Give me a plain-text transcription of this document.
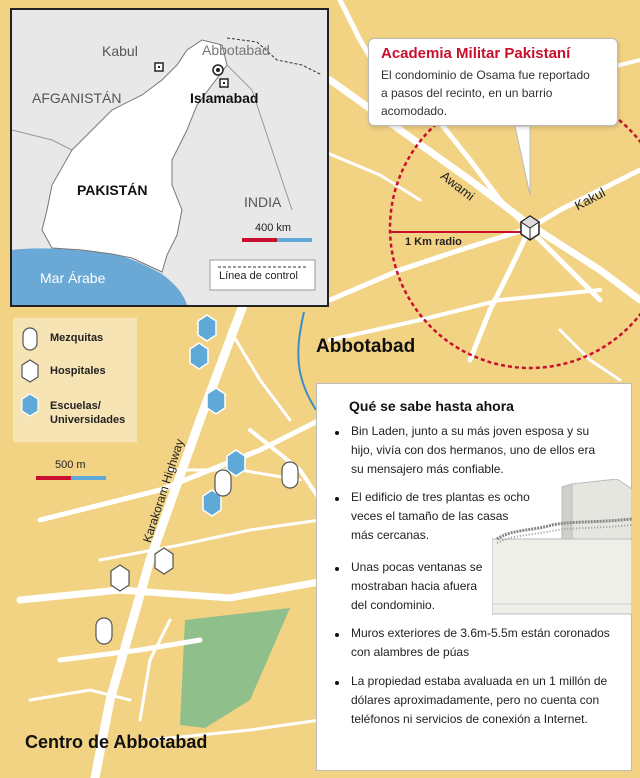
AFGANISTÁN
PAKISTÁN
INDIA
Kabul	Abbotabad
Islamabad
Mar Árabe
400 km
Línea de control
Academia Militar Pakistaní

El condominio de Osama fue reportado
a pasos del recinto, en un barrio
acomodado.

Awami	Kakul
1 Km radio
Abbotabad
Karakoram Highway
Centro de Abbotabad
Mezquitas
Hospitales
Escuelas/
Universidades
500 m
Qué se sabe hasta ahora
Bin Laden, junto a su más joven esposa y su
hijo, vivía con dos hermanos, uno de ellos era
su mensajero más confiable.
El edificio de tres plantas es ocho
veces el tamaño de las casas
más cercanas.
Unas pocas ventanas se
mostraban hacia afuera
del condominio.
Muros exteriores de 3.6m-5.5m están coronados
con alambres de púas
La propiedad estaba avaluada en un 1 millón de
dólares aproximadamente, pero no cuenta con
teléfonos ni servicios de conexión a Internet.
